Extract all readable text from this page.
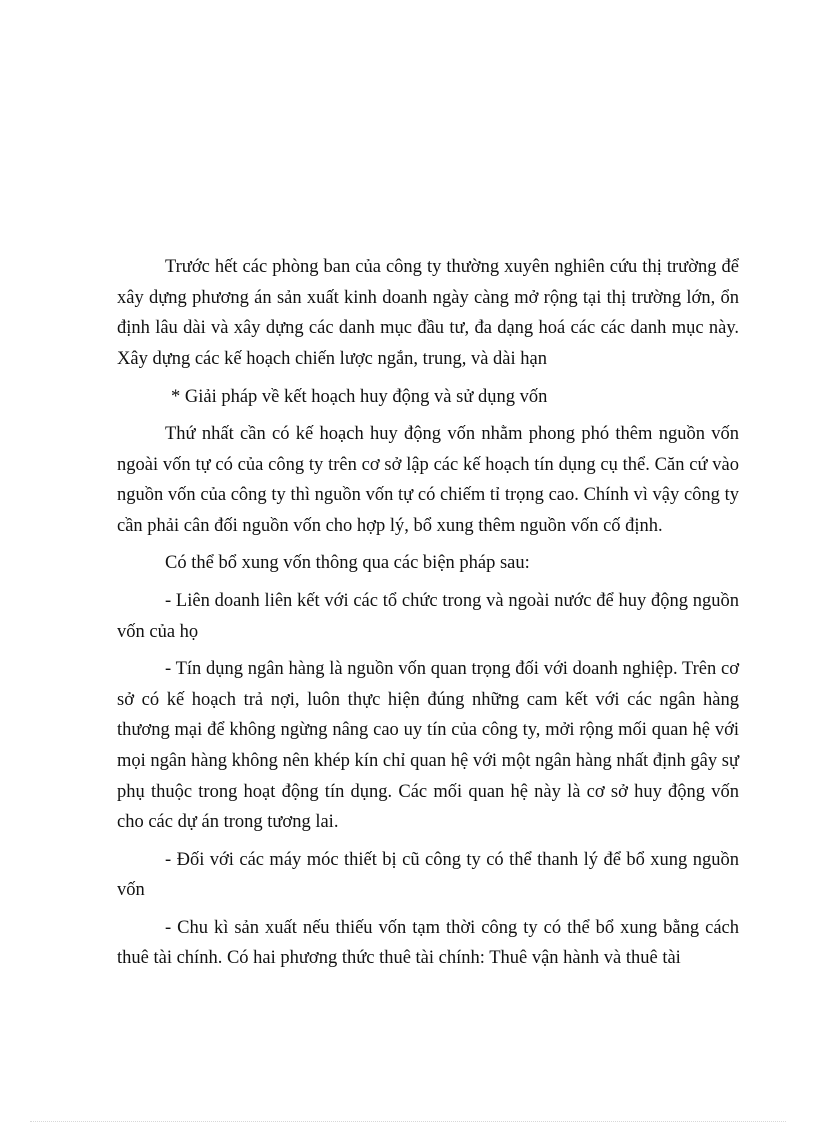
Trước hết các phòng ban của công ty thường xuyên nghiên cứu thị trường để xây dựng phương án sản xuất kinh doanh ngày càng mở rộng tại thị trường lớn, ổn định lâu dài và xây dựng các danh mục đầu tư, đa dạng hoá các các danh mục này. Xây dựng các kế hoạch chiến lược ngắn, trung, và dài hạn

* Giải pháp về kết hoạch huy động và sử dụng vốn

Thứ nhất cần có kế hoạch huy động vốn nhằm phong phó thêm nguồn vốn ngoài vốn tự có của công ty trên cơ sở lập các kế hoạch tín dụng cụ thể. Căn cứ vào nguồn vốn của công ty thì nguồn vốn tự có chiếm tỉ trọng cao. Chính vì vậy công ty cần phải cân đối nguồn vốn cho hợp lý, bổ xung thêm nguồn vốn cố định.

Có thể bổ xung vốn thông qua các biện pháp sau:

- Liên doanh liên kết với các tổ chức trong và ngoài nước để huy động nguồn vốn của họ

- Tín dụng ngân hàng là nguồn vốn quan trọng đối với doanh nghiệp. Trên cơ sở có kế hoạch trả nợi, luôn thực hiện đúng những cam kết với các ngân hàng thương mại để không ngừng nâng cao uy tín của công ty, mởi rộng mối quan hệ với mọi ngân hàng không nên khép kín chỉ quan hệ với một ngân hàng nhất định gây sự phụ thuộc trong hoạt động tín dụng. Các mối quan hệ này là cơ sở huy động vốn cho các dự án trong tương lai.

- Đối với các máy móc thiết bị cũ công ty có thể thanh lý để bổ xung nguồn vốn

- Chu kì sản xuất nếu thiếu vốn tạm thời công ty có thể bổ xung bằng cách thuê tài chính. Có hai phương thức thuê tài chính: Thuê vận hành và thuê tài
